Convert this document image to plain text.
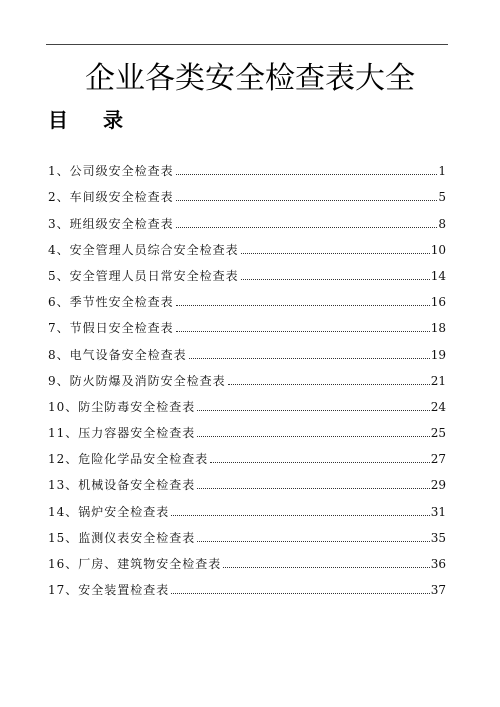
企业各类安全检查表大全
目 录
1、公司级安全检查表	1
2、车间级安全检查表	5
3、班组级安全检查表	8
4、安全管理人员综合安全检查表	10
5、安全管理人员日常安全检查表	14
6、季节性安全检查表	16
7、节假日安全检查表	18
8、电气设备安全检查表	19
9、防火防爆及消防安全检查表	21
10、防尘防毒安全检查表	24
11、压力容器安全检查表	25
12、危险化学品安全检查表	27
13、机械设备安全检查表	29
14、锅炉安全检查表	31
15、监测仪表安全检查表	35
16、厂房、建筑物安全检查表	36
17、安全装置检查表	37
